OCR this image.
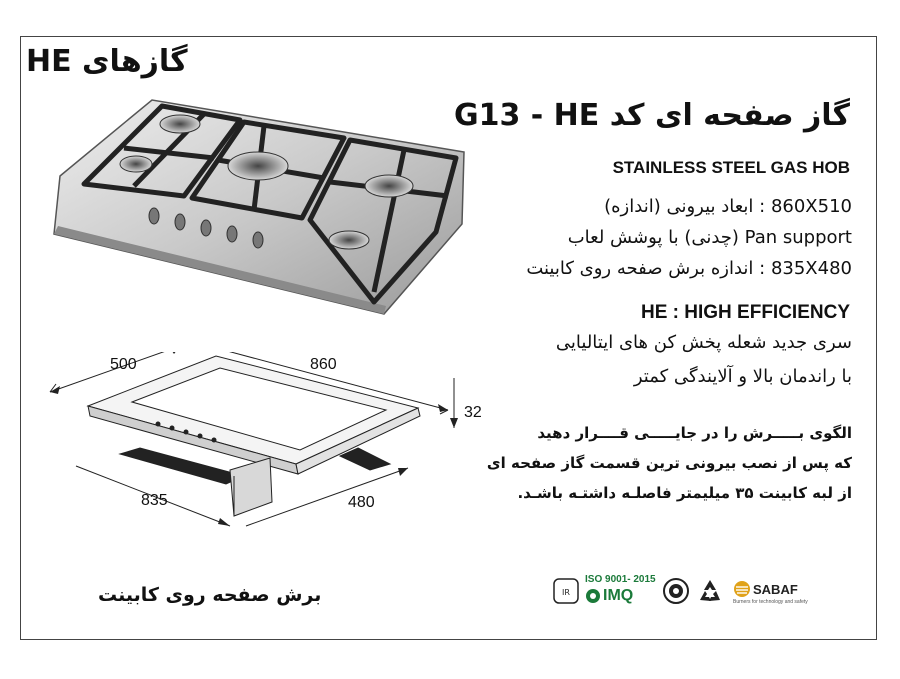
گازهای HE
گاز صفحه ای کد G13 - HE
STAINLESS STEEL GAS HOB
860X510 : ابعاد بیرونی (اندازه)
Pan support (چدنی) با پوشش لعاب
835X480 : اندازه برش صفحه روی کابینت
HE : HIGH EFFICIENCY
سری جدید شعله پخش کن های ایتالیایی
با راندمان بالا و آلایندگی کمتر
الگوی بـــــرش را در جایـــــی قــــرار دهید
که پس از نصب بیرونی ترین قسمت گاز صفحه ای
از لبه کابینت ۳۵ میلیمتر فاصلـه داشتـه باشـد.
500	860
32
835	480
برش صفحه روی کابینت	IR
ISO 9001- 2015
IMQ	SABAF
Burners for technology and safety
